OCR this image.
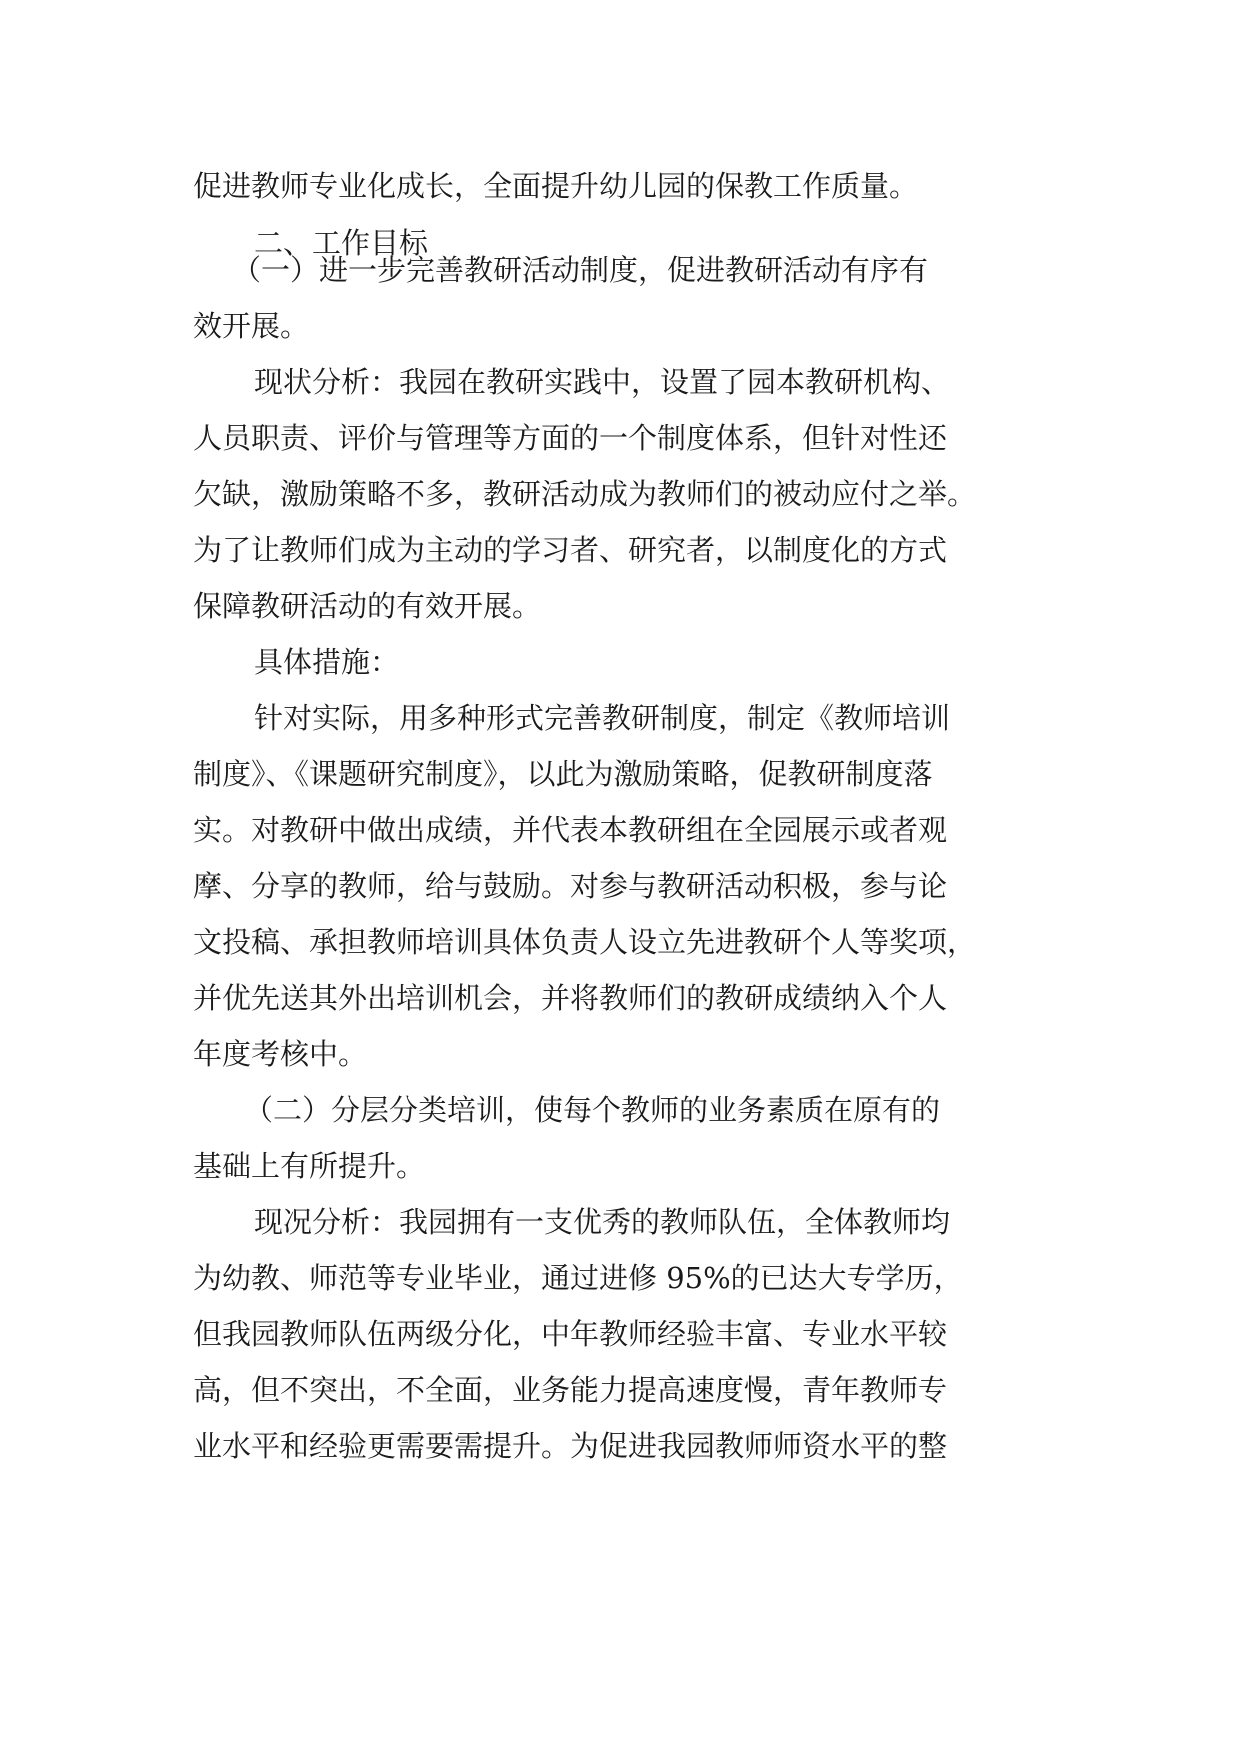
促进教师专业化成长，全面提升幼儿园的保教工作质量。
二、工作目标
（一）进一步完善教研活动制度，促进教研活动有序有
效开展。
现状分析：我园在教研实践中，设置了园本教研机构、
人员职责、评价与管理等方面的一个制度体系，但针对性还
欠缺，激励策略不多，教研活动成为教师们的被动应付之举。
为了让教师们成为主动的学习者、研究者，以制度化的方式
保障教研活动的有效开展。
具体措施：
针对实际，用多种形式完善教研制度，制定《教师培训
制度》、《课题研究制度》，以此为激励策略，促教研制度落
实。对教研中做出成绩，并代表本教研组在全园展示或者观
摩、分享的教师，给与鼓励。对参与教研活动积极，参与论
文投稿、承担教师培训具体负责人设立先进教研个人等奖项，
并优先送其外出培训机会，并将教师们的教研成绩纳入个人
年度考核中。
（二）分层分类培训，使每个教师的业务素质在原有的
基础上有所提升。
现况分析：我园拥有一支优秀的教师队伍，全体教师均
为幼教、师范等专业毕业，通过进修 95%的已达大专学历，
但我园教师队伍两级分化，中年教师经验丰富、专业水平较
高，但不突出，不全面，业务能力提高速度慢，青年教师专
业水平和经验更需要需提升。为促进我园教师师资水平的整
